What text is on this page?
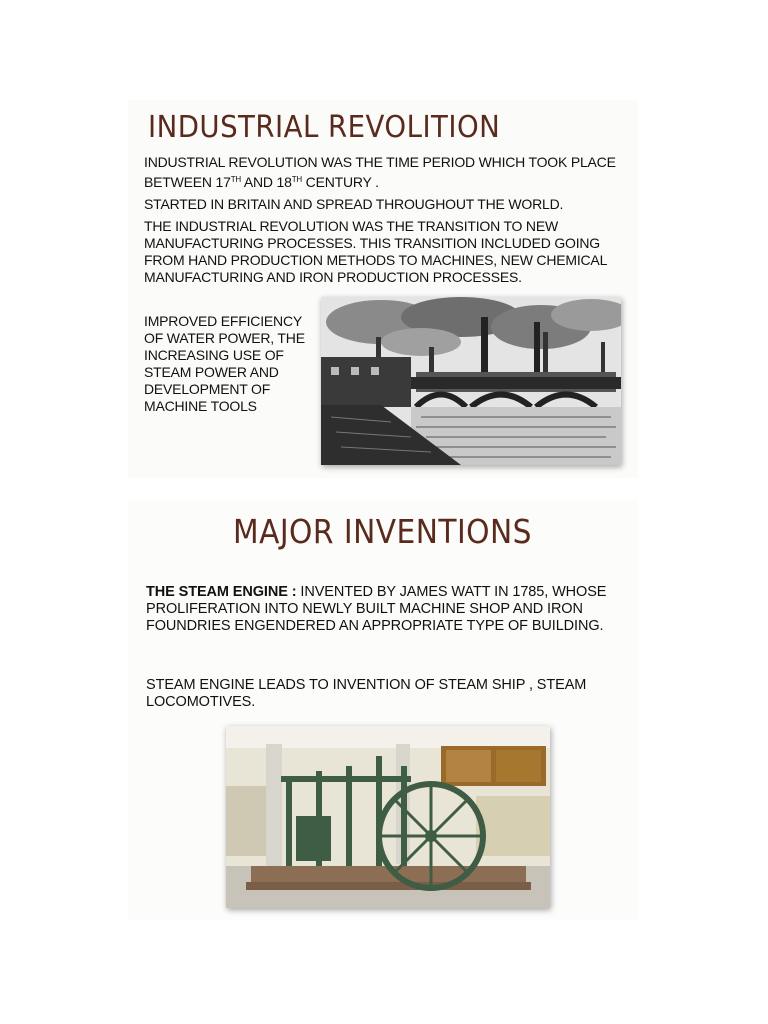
INDUSTRIAL REVOLITION

INDUSTRIAL REVOLUTION WAS THE TIME PERIOD WHICH TOOK PLACE BETWEEN 17TH AND 18TH CENTURY .

STARTED IN BRITAIN AND SPREAD THROUGHOUT THE WORLD.

THE INDUSTRIAL REVOLUTION WAS THE TRANSITION TO NEW MANUFACTURING PROCESSES. THIS TRANSITION INCLUDED GOING FROM HAND PRODUCTION METHODS TO MACHINES, NEW CHEMICAL MANUFACTURING AND IRON PRODUCTION PROCESSES.

IMPROVED EFFICIENCY OF WATER POWER, THE INCREASING USE OF STEAM POWER AND DEVELOPMENT OF MACHINE TOOLS

MAJOR INVENTIONS

THE STEAM ENGINE : INVENTED BY JAMES WATT IN 1785, WHOSE PROLIFERATION INTO NEWLY BUILT MACHINE SHOP AND IRON FOUNDRIES ENGENDERED AN APPROPRIATE TYPE OF BUILDING.

STEAM ENGINE LEADS TO INVENTION OF STEAM SHIP , STEAM LOCOMOTIVES.
